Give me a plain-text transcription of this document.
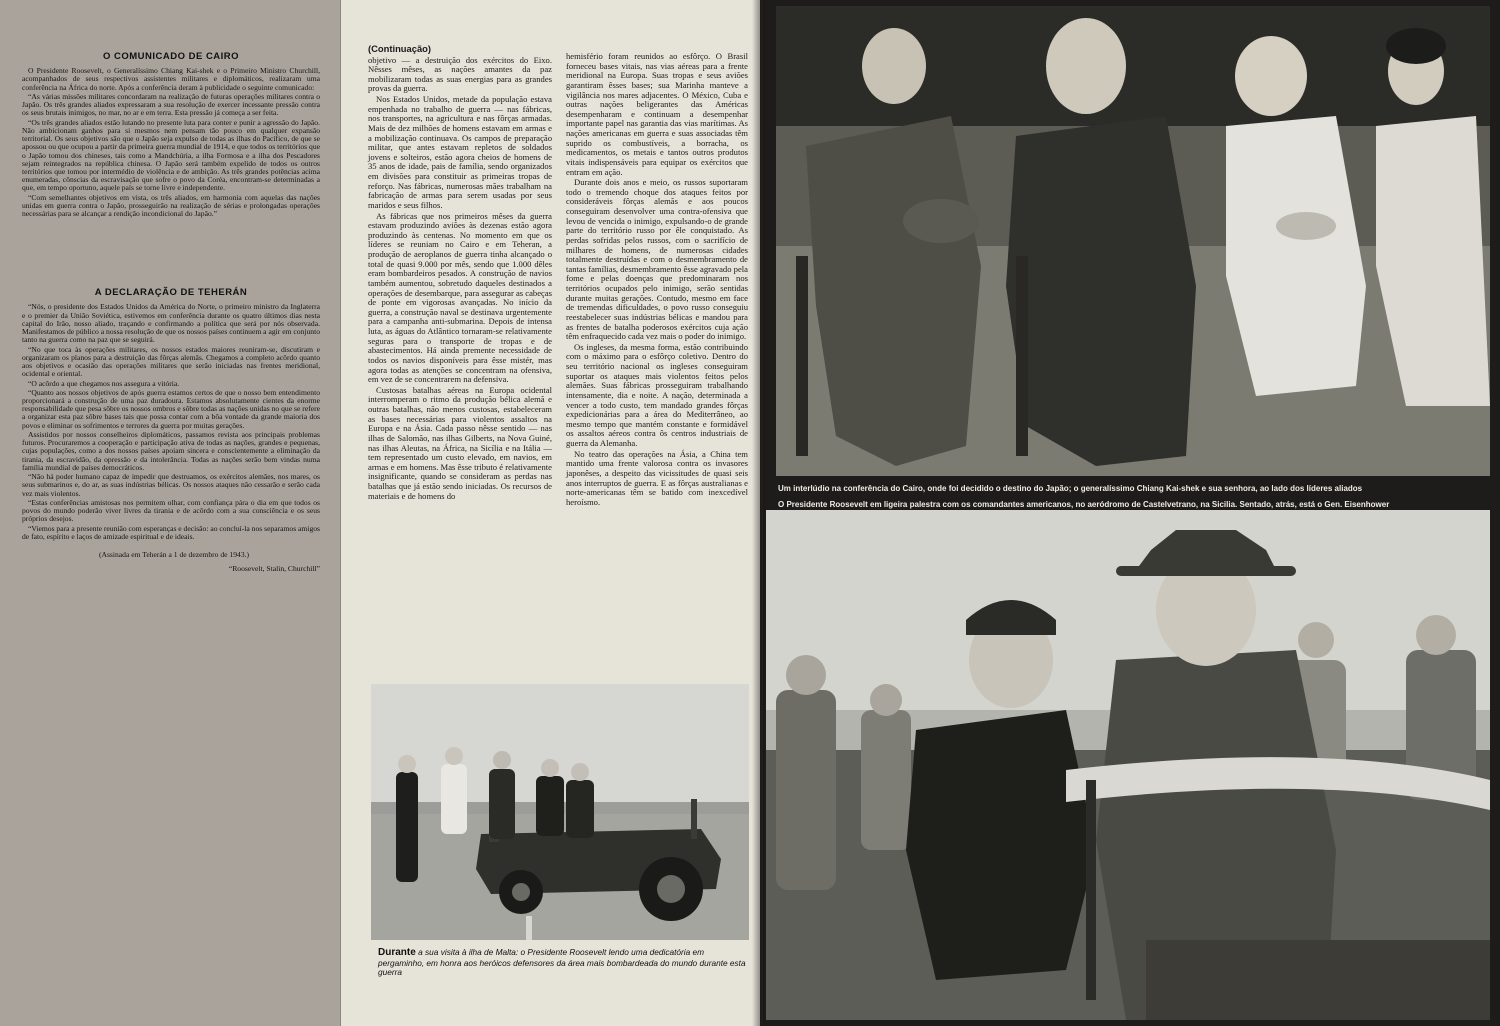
O COMUNICADO DE CAIRO

O Presidente Roosevelt, o Generalíssimo Chiang Kai-shek e o Primeiro Ministro Churchill, acompanhados de seus respectivos assistentes militares e diplomáticos, realizaram uma conferência na África do norte. Após a conferência deram à publicidade o seguinte comunicado:

“As várias missões militares concordaram na realização de futuras operações militares contra o Japão. Os três grandes aliados expressaram a sua resolução de exercer incessante pressão contra os seus brutais inimigos, no mar, no ar e em terra. Esta pressão já começa a ser feita.

“Os três grandes aliados estão lutando no presente luta para conter e punir a agressão do Japão. Não ambicionam ganhos para si mesmos nem pensam tão pouco em qualquer expansão territorial. Os seus objetivos são que o Japão seja expulso de todas as ilhas do Pacífico, de que se apossou ou que ocupou a partir da primeira guerra mundial de 1914, e que todos os territórios que o Japão tomou dos chineses, tais como a Mandchúria, a ilha Formosa e a ilha dos Pescadores sejam reintegrados na república chinesa. O Japão será também expelido de todos os outros territórios que tomou por intermédio de violência e de ambição. As três grandes potências acima enumeradas, cônscias da escravisação que sofre o povo da Coréa, encontram-se determinadas a que, em tempo oportuno, aquele país se torne livre e independente.

“Com semelhantes objetivos em vista, os três aliados, em harmonia com aquelas das nações unidas em guerra contra o Japão, prosseguirão na realização de sérias e prolongadas operações necessárias para se alcançar a rendição incondicional do Japão.”

A DECLARAÇÃO DE TEHERÁN

“Nós, o presidente dos Estados Unidos da América do Norte, o primeiro ministro da Inglaterra e o premier da União Soviética, estivemos em conferência durante os quatro últimos dias nesta capital do Irão, nosso aliado, traçando e confirmando a política que será por nós observada. Manifestamos de público a nossa resolução de que os nossos países continuem a agir em conjunto tanto na guerra como na paz que se seguirá.

“No que toca às operações militares, os nossos estados maiores reuniram-se, discutiram e organizaram os planos para a destruição das fôrças alemãs. Chegamos a completo acôrdo quanto aos objetivos e ocasião das operações militares que serão iniciadas nas frentes meridional, ocidental e oriental.

“O acôrdo a que chegamos nos assegura a vitória.

“Quanto aos nossos objetivos de após guerra estamos certos de que o nosso bem entendimento proporcionará a construção de uma paz duradoura. Estamos absolutamente cientes da enorme responsabilidade que pesa sôbre os nossos ombros e sôbre todas as nações unidas no que se refere a organizar esta paz sôbre bases tais que possa contar com a bôa vontade da grande maioria dos povos e eliminar os sofrimentos e terrores da guerra por muitas gerações.

Assistidos por nossos conselheiros diplomáticos, passamos revista aos principais problemas futuros. Procuraremos a cooperação e participação ativa de todas as nações, grandes e pequenas, cujas populações, como a dos nossos países apoiam sincera e conscientemente a eliminação da tirania, da escravidão, da opressão e da intolerância. Todas as nações serão bem vindas numa família mundial de países democráticos.

“Não há poder humano capaz de impedir que destruamos, os exércitos alemães, nos mares, os seus submarinos e, do ar, as suas indústrias bélicas. Os nossos ataques não cessarão e serão cada vez mais violentos.

“Estas conferências amistosas nos permitem olhar, com confiança pára o dia em que todos os povos do mundo poderão viver livres da tirania e de acôrdo com a sua consciência e os seus próprios desejos.

“Viemos para a presente reunião com esperanças e decisão: ao concluí-la nos separamos amigos de fato, espírito e laços de amizade espiritual e de ideais.

(Assinada em Teherán a 1 de dezembro de 1943.)

“Roosevelt, Stalin, Churchill”

(Continuação)

objetivo — a destruição dos exércitos do Eixo. Nêsses mêses, as nações amantes da paz mobilizaram todas as suas energias para as grandes provas da guerra.

Nos Estados Unidos, metade da população estava empenhada no trabalho de guerra — nas fábricas, nos transportes, na agricultura e nas fôrças armadas. Mais de dez milhões de homens estavam em armas e a mobilização continuava. Os campos de preparação militar, que antes estavam repletos de soldados jovens e solteiros, estão agora cheios de homens de 35 anos de idade, pais de família, sendo organizados em divisões para constituir as primeiras tropas de reforço. Nas fábricas, numerosas mães trabalham na fabricação de armas para serem usadas por seus maridos e seus filhos.

As fábricas que nos primeiros mêses da guerra estavam produzindo aviões às dezenas estão agora produzindo às centenas. No momento em que os líderes se reuniam no Cairo e em Teheran, a produção de aeroplanos de guerra tinha alcançado o total de quasi 9.000 por mês, sendo que 1.000 dêles eram bombardeiros pesados. A construção de navios também aumentou, sobretudo daqueles destinados a operações de desembarque, para assegurar as cabeças de ponte em vigorosas avançadas. No início da guerra, a construção naval se destinava urgentemente para a campanha anti-submarina. Depois de intensa luta, as águas do Atlântico tornaram-se relativamente seguras para o transporte de tropas e de abastecimentos. Há ainda premente necessidade de todos os navios disponíveis para êsse mistér, mas agora todas as atenções se concentram na ofensiva, em vez de se concentrarem na defensiva.

Custosas batalhas aéreas na Europa ocidental interromperam o ritmo da produção bélica alemã e outras batalhas, não menos custosas, estabeleceram as bases necessárias para violentos assaltos na Europa e na Ásia. Cada passo nêsse sentido — nas ilhas de Salomão, nas ilhas Gilberts, na Nova Guiné, nas ilhas Aleutas, na África, na Sicília e na Itália — tem representado um custo elevado, em navios, em armas e em homens. Mas êsse tributo é relativamente insignificante, quando se consideram as perdas nas batalhas que já estão sendo iniciadas. Os recursos de materiais e de homens do

hemisfério foram reunidos ao esfôrço. O Brasil forneceu bases vitais, nas vias aéreas para a frente meridional na Europa. Suas tropas e seus aviões garantiram êsses bases; sua Marinha manteve a vigilância nos mares adjacentes. O México, Cuba e outras nações beligerantes das Américas desempenharam e continuam a desempenhar importante papel nas garantia das vias marítimas. As nações americanas em guerra e suas associadas têm suprido os combustíveis, a borracha, os medicamentos, os metais e tantos outros produtos vitais indispensáveis para equipar os exércitos que entram em ação.

Durante dois anos e meio, os russos suportaram todo o tremendo choque dos ataques feitos por consideráveis fôrças alemãs e aos poucos conseguiram desenvolver uma contra-ofensiva que levou de vencida o inimigo, expulsando-o de grande parte do território russo por êle conquistado. As perdas sofridas pelos russos, com o sacrifício de milhares de homens, de numerosas cidades totalmente destruídas e com o desmembramento de tantas famílias, desmembramento êsse agravado pela fome e pelas doenças que predominaram nos territórios ocupados pelo inimigo, serão sentidas durante muitas gerações. Contudo, mesmo em face de tremendas dificuldades, o povo russo conseguiu reestabelecer suas indústrias bélicas e mandou para as frentes de batalha poderosos exércitos cuja ação têm enfraquecido cada vez mais o poder do inimigo.

Os ingleses, da mesma forma, estão contribuindo com o máximo para o esfôrço coletivo. Dentro do seu território nacional os ingleses conseguiram suportar os ataques mais violentos feitos pelos alemães. Suas fábricas prosseguiram trabalhando intensamente, dia e noite. A nação, determinada a vencer a todo custo, tem mandado grandes fôrças expedicionárias para a área do Mediterrâneo, ao mesmo tempo que mantém constante e formidável os assaltos aéreos contra ôs centros industriais de guerra da Alemanha.

No teatro das operações na Ásia, a China tem mantido uma frente valorosa contra os invasores japonêses, a despeito das vicissitudes de quasi seis anos interruptos de guerra. E as fôrças australianas e norte-americanas têm se batido com inexcedível heroísmo.

Durante a sua visita à ilha de Malta: o Presidente Roosevelt lendo uma dedicatória em pergaminho, em honra aos heróicos defensores da área mais bombardeada do mundo durante esta guerra
Um interlúdio na conferência do Cairo, onde foi decidido o destino do Japão; o generalíssimo Chiang Kai-shek e sua senhora, ao lado dos líderes aliados
O Presidente Roosevelt em ligeira palestra com os comandantes americanos, no aeródromo de Castelvetrano, na Sicilia. Sentado, atrás, está o Gen. Eisenhower
